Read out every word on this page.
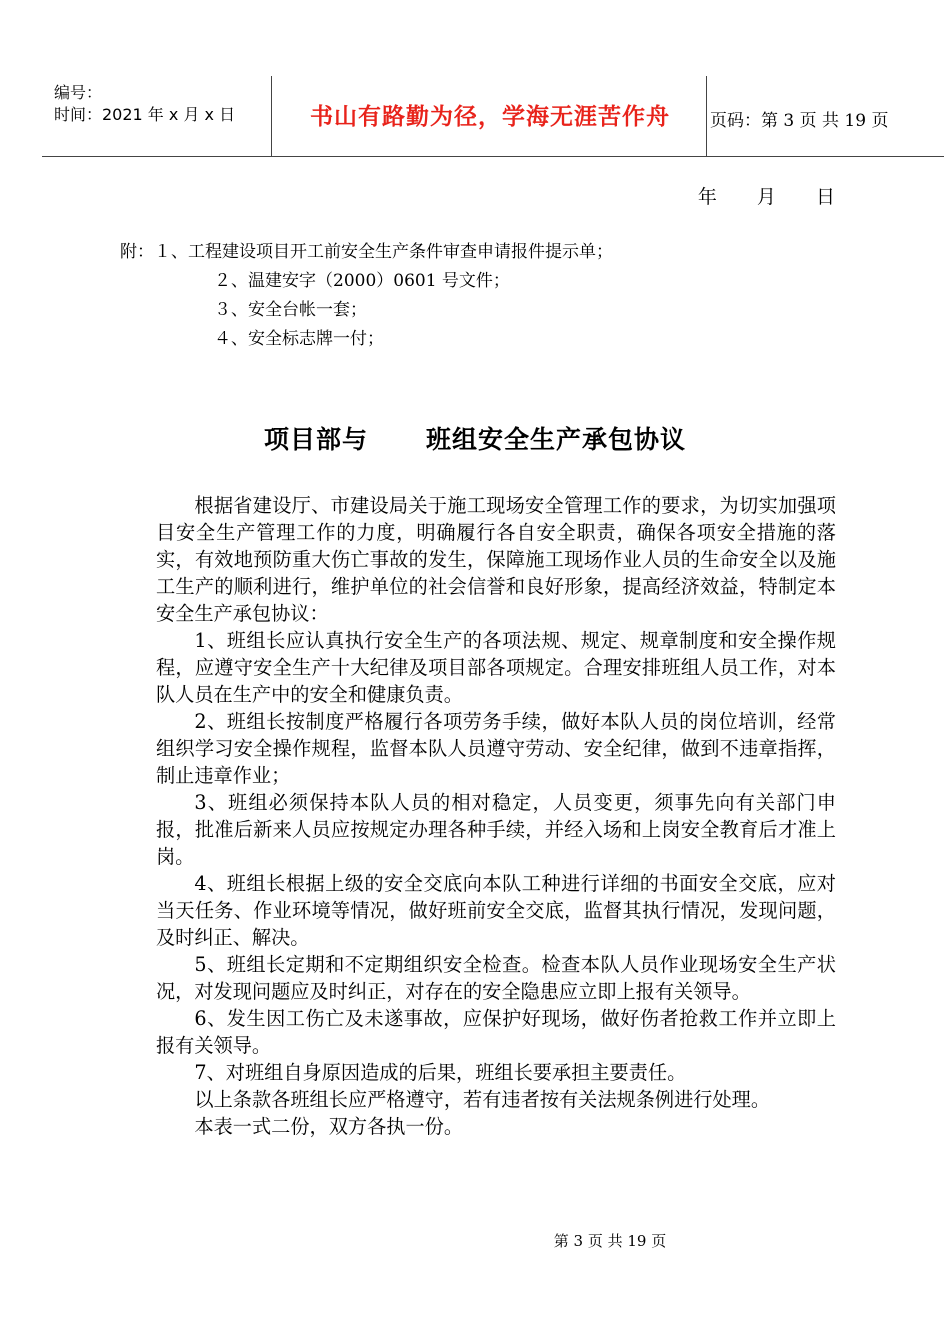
编号：
时间：2021 年 x 月 x 日	书山有路勤为径，学海无涯苦作舟	页码：第 3 页 共 19 页
年 月 日
附：１、工程建设项目开工前安全生产条件审查申请报件提示单；
２、温建安字（2000）0601 号文件；
３、安全台帐一套；
４、安全标志牌一付；
项目部与 班组安全生产承包协议

根据省建设厅、市建设局关于施工现场安全管理工作的要求，为切实加强项目安全生产管理工作的力度，明确履行各自安全职责，确保各项安全措施的落实，有效地预防重大伤亡事故的发生，保障施工现场作业人员的生命安全以及施工生产的顺利进行，维护单位的社会信誉和良好形象，提高经济效益，特制定本安全生产承包协议：

1、班组长应认真执行安全生产的各项法规、规定、规章制度和安全操作规程，应遵守安全生产十大纪律及项目部各项规定。合理安排班组人员工作，对本队人员在生产中的安全和健康负责。

2、班组长按制度严格履行各项劳务手续，做好本队人员的岗位培训，经常组织学习安全操作规程，监督本队人员遵守劳动、安全纪律，做到不违章指挥，制止违章作业；

3、班组必须保持本队人员的相对稳定，人员变更，须事先向有关部门申报，批准后新来人员应按规定办理各种手续，并经入场和上岗安全教育后才准上岗。

4、班组长根据上级的安全交底向本队工种进行详细的书面安全交底，应对当天任务、作业环境等情况，做好班前安全交底，监督其执行情况，发现问题，及时纠正、解决。

5、班组长定期和不定期组织安全检查。检查本队人员作业现场安全生产状况，对发现问题应及时纠正，对存在的安全隐患应立即上报有关领导。

6、发生因工伤亡及未遂事故，应保护好现场，做好伤者抢救工作并立即上报有关领导。

7、对班组自身原因造成的后果，班组长要承担主要责任。

以上条款各班组长应严格遵守，若有违者按有关法规条例进行处理。

本表一式二份，双方各执一份。

第 3 页 共 19 页
